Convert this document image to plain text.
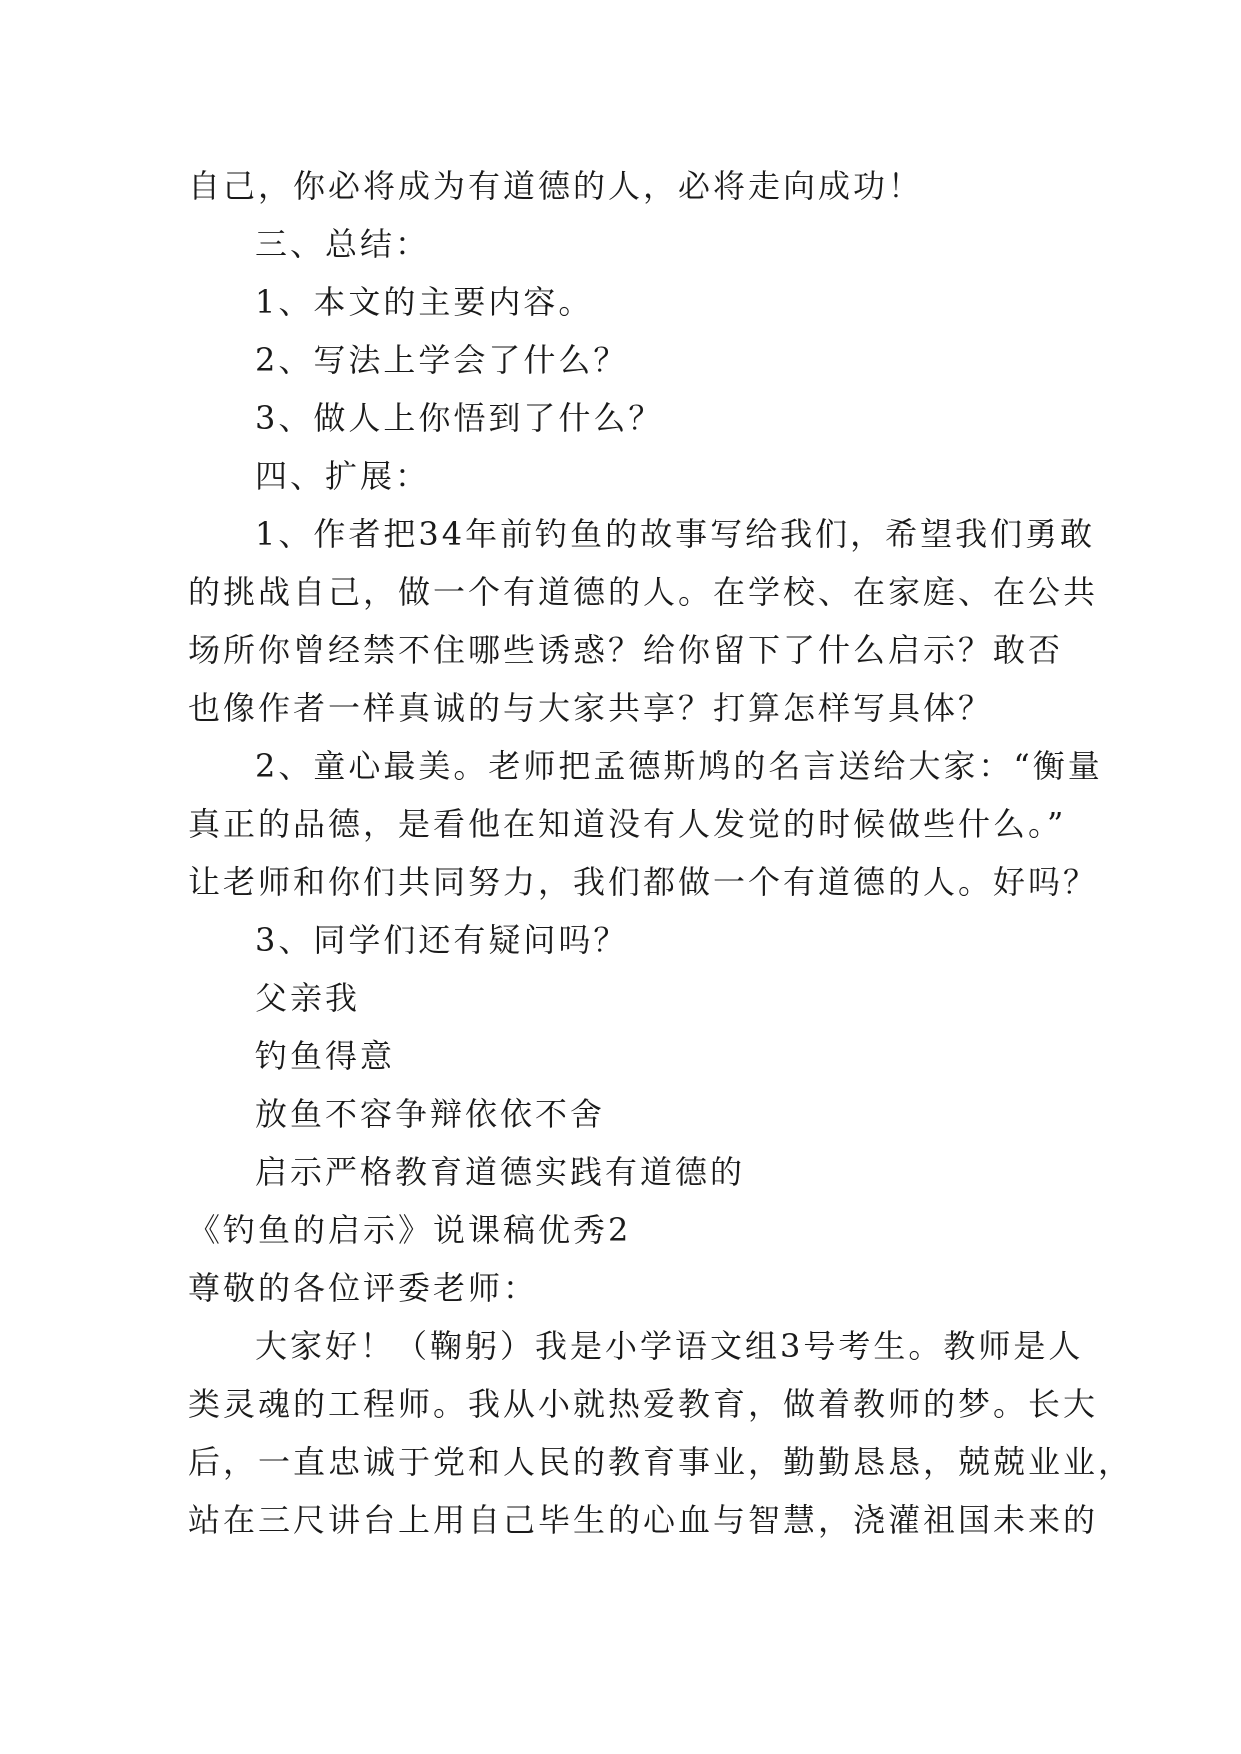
自己，你必将成为有道德的人，必将走向成功！
三、总结：
1、本文的主要内容。
2、写法上学会了什么？
3、做人上你悟到了什么？
四、扩展：
1、作者把34年前钓鱼的故事写给我们，希望我们勇敢
的挑战自己，做一个有道德的人。在学校、在家庭、在公共
场所你曾经禁不住哪些诱惑？给你留下了什么启示？敢否
也像作者一样真诚的与大家共享？打算怎样写具体？
2、童心最美。老师把孟德斯鸠的名言送给大家：“衡量
真正的品德，是看他在知道没有人发觉的时候做些什么。”
让老师和你们共同努力，我们都做一个有道德的人。好吗？
3、同学们还有疑问吗？
父亲我
钓鱼得意
放鱼不容争辩依依不舍
启示严格教育道德实践有道德的
《钓鱼的启示》说课稿优秀2
尊敬的各位评委老师：
大家好！（鞠躬）我是小学语文组3号考生。教师是人
类灵魂的工程师。我从小就热爱教育，做着教师的梦。长大
后，一直忠诚于党和人民的教育事业，勤勤恳恳，兢兢业业，
站在三尺讲台上用自己毕生的心血与智慧，浇灌祖国未来的
